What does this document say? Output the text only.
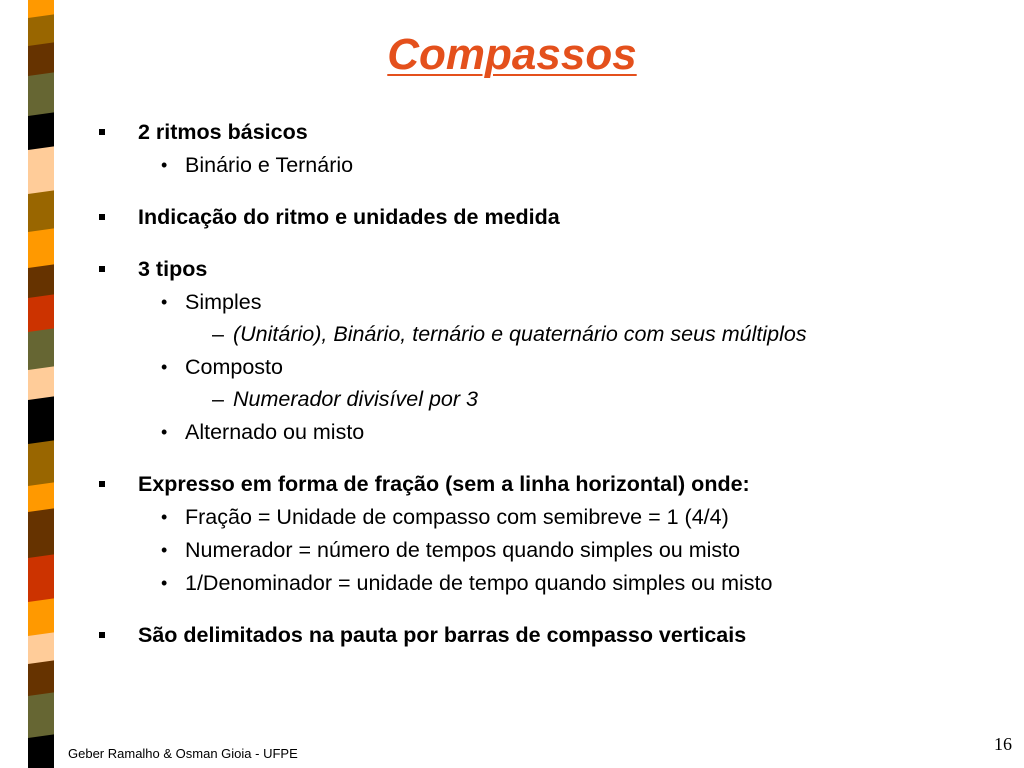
Compassos
2 ritmos básicos
• Binário e Ternário
Indicação do ritmo e unidades de medida
3 tipos
• Simples
– (Unitário), Binário, ternário e quaternário com seus múltiplos
• Composto
– Numerador divisível por 3
• Alternado ou misto
Expresso em forma de fração (sem a linha horizontal) onde:
• Fração = Unidade de compasso com semibreve = 1 (4/4)
• Numerador = número de tempos quando simples ou misto
• 1/Denominador = unidade de tempo quando simples ou misto
São delimitados na pauta por barras de compasso verticais
Geber Ramalho & Osman Gioia - UFPE	16
